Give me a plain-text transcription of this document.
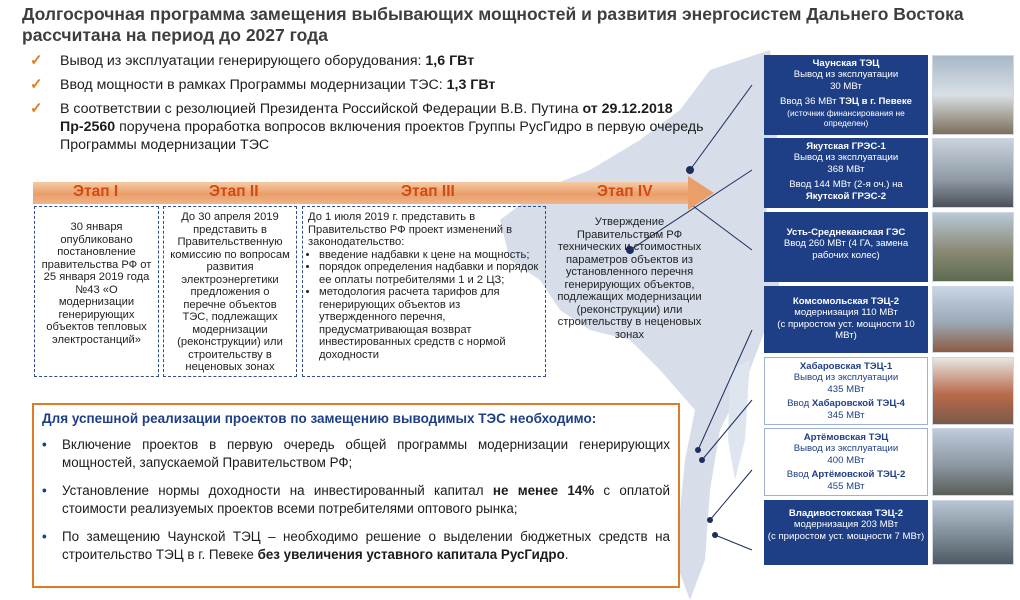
Долгосрочная программа замещения выбывающих мощностей и развития энергосистем Дальнего Востока рассчитана на период до 2027 года
✓	Вывод из эксплуатации генерирующего оборудования: 1,6 ГВт
✓	Ввод мощности в рамках Программы модернизации ТЭС: 1,3 ГВт
✓	В соответствии с резолюцией Президента Российской Федерации В.В. Путина от 29.12.2018 Пр-2560 поручена проработка вопросов включения проектов Группы РусГидро в первую очередь Программы модернизации ТЭС
Этап I	Этап II	Этап III	Этап IV
30 января опубликовано постановление правительства РФ от 25 января 2019 года №43 «О модернизации генерирующих объектов тепловых электростанций»
До 30 апреля 2019 представить в Правительственную комиссию по вопросам развития электроэнергетики предложения о перечне объектов ТЭС, подлежащих модернизации (реконструкции) или строительству в неценовых зонах
До 1 июля 2019 г. представить в Правительство РФ проект изменений в законодательство:
• введение надбавки к цене на мощность;
• порядок определения надбавки и порядок ее оплаты потребителями 1 и 2 ЦЗ;
• методология расчета тарифов для генерирующих объектов из утвержденного перечня, предусматривающая возврат инвестированных средств с нормой доходности
Утверждение Правительством РФ технических и стоимостных параметров объектов из установленного перечня генерирующих объектов, подлежащих модернизации (реконструкции) или строительству в неценовых зонах
Для успешной реализации проектов по замещению выводимых ТЭС необходимо:
•	Включение проектов в первую очередь общей программы модернизации генерирующих мощностей, запускаемой Правительством РФ;
•	Установление нормы доходности на инвестированный капитал не менее 14% с оплатой стоимости реализуемых проектов всеми потребителями оптового рынка;
•	По замещению Чаунской ТЭЦ – необходимо решение о выделении бюджетных средств на строительство ТЭЦ в г. Певеке без увеличения уставного капитала РусГидро.
Чаунская ТЭЦ
Вывод из эксплуатации
30 МВт
Ввод 36 МВт ТЭЦ в г. Певеке
(источник финансирования не определен)
Якутская ГРЭС-1
Вывод из эксплуатации
368 МВт
Ввод 144 МВт (2-я оч.) на
Якутской ГРЭС-2
Усть-Среднеканская ГЭС
Ввод 260 МВт (4 ГА, замена рабочих колес)
Комсомольская ТЭЦ-2
модернизация 110 МВт
(с приростом уст. мощности 10 МВт)
Хабаровская ТЭЦ-1
Вывод из эксплуатации
435 МВт
Ввод Хабаровской ТЭЦ-4
345 МВт
Артёмовская ТЭЦ
Вывод из эксплуатации
400 МВт
Ввод Артёмовской ТЭЦ-2
455 МВт
Владивостокская ТЭЦ-2
модернизация 203 МВт
(с приростом уст. мощности 7 МВт)
